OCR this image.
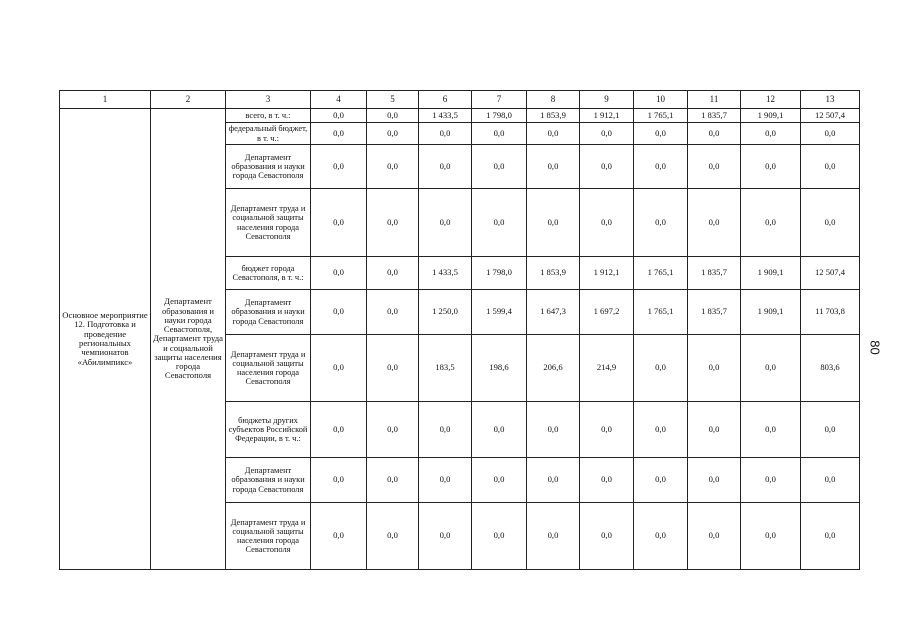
1	2	3	4	5	6	7	8	9	10	11	12	13
Основное мероприятие 12. Подготовка и проведение региональных чемпионатов «Абилимпикс»	Департамент образования и науки города Севастополя, Департамент труда и социальной защиты населения города Севастополя	всего, в т. ч.:	0,0	0,0	1 433,5	1 798,0	1 853,9	1 912,1	1 765,1	1 835,7	1 909,1	12 507,4
		федеральный бюджет, в т. ч.:	0,0	0,0	0,0	0,0	0,0	0,0	0,0	0,0	0,0	0,0
		Департамент образования и науки города Севастополя	0,0	0,0	0,0	0,0	0,0	0,0	0,0	0,0	0,0	0,0
		Департамент труда и социальной защиты населения города Севастополя	0,0	0,0	0,0	0,0	0,0	0,0	0,0	0,0	0,0	0,0
		бюджет города Севастополя, в т. ч.:	0,0	0,0	1 433,5	1 798,0	1 853,9	1 912,1	1 765,1	1 835,7	1 909,1	12 507,4
		Департамент образования и науки города Севастополя	0,0	0,0	1 250,0	1 599,4	1 647,3	1 697,2	1 765,1	1 835,7	1 909,1	11 703,8
		Департамент труда и социальной защиты населения города Севастополя	0,0	0,0	183,5	198,6	206,6	214,9	0,0	0,0	0,0	803,6
		бюджеты других субъектов Российской Федерации, в т. ч.:	0,0	0,0	0,0	0,0	0,0	0,0	0,0	0,0	0,0	0,0
		Департамент образования и науки города Севастополя	0,0	0,0	0,0	0,0	0,0	0,0	0,0	0,0	0,0	0,0
		Департамент труда и социальной защиты населения города Севастополя	0,0	0,0	0,0	0,0	0,0	0,0	0,0	0,0	0,0	0,0
80
